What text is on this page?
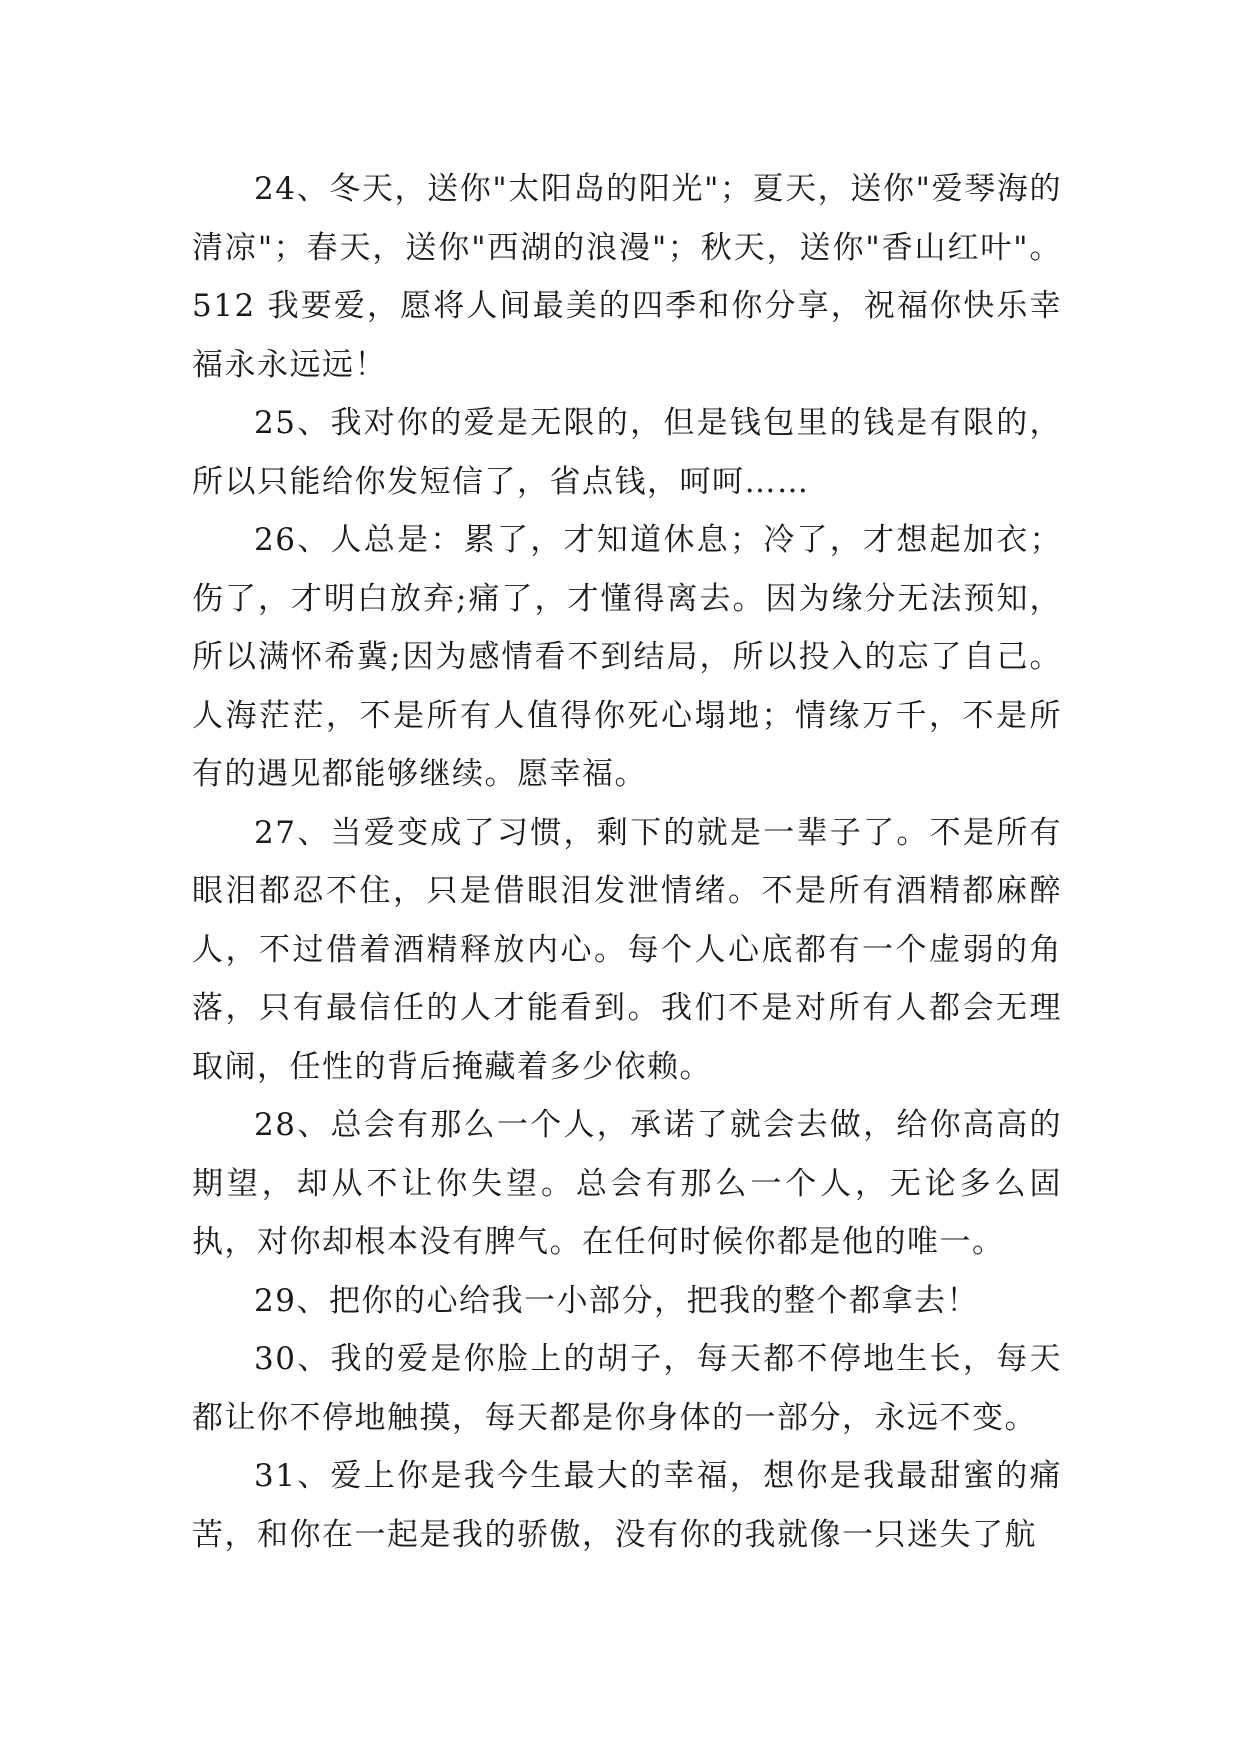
24、冬天，送你"太阳岛的阳光"；夏天，送你"爱琴海的清凉"；春天，送你"西湖的浪漫"；秋天，送你"香山红叶"。512 我要爱，愿将人间最美的四季和你分享，祝福你快乐幸福永永远远！

25、我对你的爱是无限的，但是钱包里的钱是有限的，所以只能给你发短信了，省点钱，呵呵……

26、人总是：累了，才知道休息；冷了，才想起加衣；伤了，才明白放弃;痛了，才懂得离去。因为缘分无法预知，所以满怀希冀;因为感情看不到结局，所以投入的忘了自己。人海茫茫，不是所有人值得你死心塌地；情缘万千，不是所有的遇见都能够继续。愿幸福。

27、当爱变成了习惯，剩下的就是一辈子了。不是所有眼泪都忍不住，只是借眼泪发泄情绪。不是所有酒精都麻醉人，不过借着酒精释放内心。每个人心底都有一个虚弱的角落，只有最信任的人才能看到。我们不是对所有人都会无理取闹，任性的背后掩藏着多少依赖。

28、总会有那么一个人，承诺了就会去做，给你高高的期望，却从不让你失望。总会有那么一个人，无论多么固执，对你却根本没有脾气。在任何时候你都是他的唯一。

29、把你的心给我一小部分，把我的整个都拿去！

30、我的爱是你脸上的胡子，每天都不停地生长，每天都让你不停地触摸，每天都是你身体的一部分，永远不变。

31、爱上你是我今生最大的幸福，想你是我最甜蜜的痛苦，和你在一起是我的骄傲，没有你的我就像一只迷失了航
